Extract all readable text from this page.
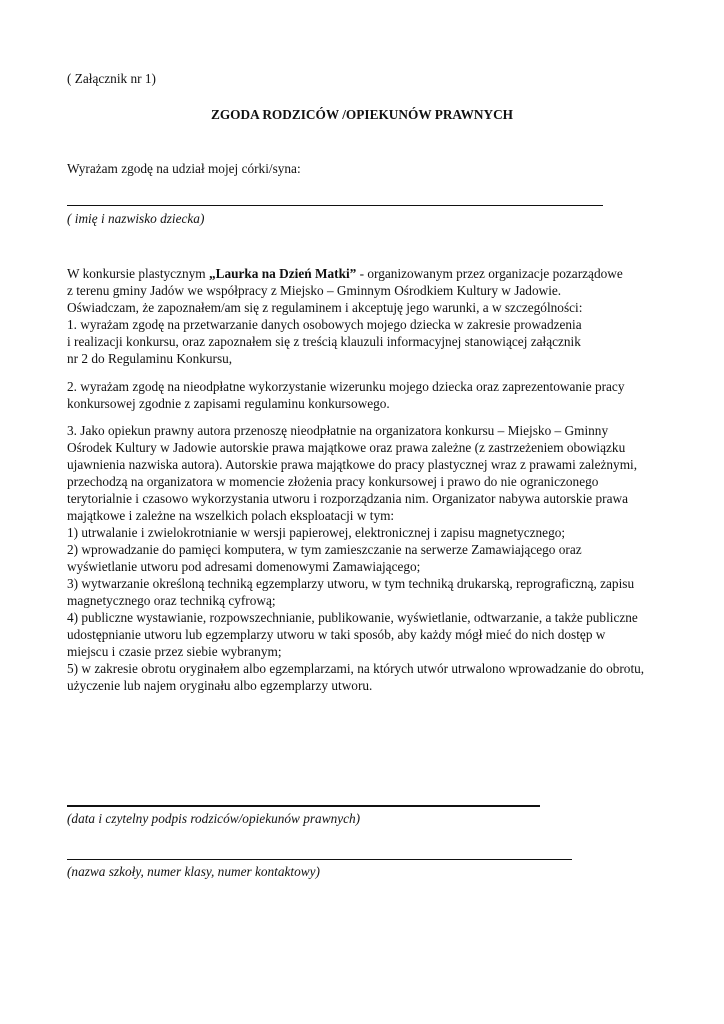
( Załącznik nr 1)
ZGODA RODZICÓW /OPIEKUNÓW PRAWNYCH
Wyrażam zgodę na udział mojej córki/syna:
( imię i nazwisko dziecka)
W konkursie plastycznym „Laurka na Dzień Matki” - organizowanym przez organizacje pozarządowe
z terenu gminy Jadów we współpracy z Miejsko – Gminnym Ośrodkiem Kultury w Jadowie.
Oświadczam, że zapoznałem/am się z regulaminem i akceptuję jego warunki, a w szczególności:
1. wyrażam zgodę na przetwarzanie danych osobowych mojego dziecka w zakresie prowadzenia
i realizacji konkursu, oraz zapoznałem się z treścią klauzuli informacyjnej stanowiącej załącznik
nr 2 do Regulaminu Konkursu,
2. wyrażam zgodę na nieodpłatne wykorzystanie wizerunku mojego dziecka oraz zaprezentowanie pracy
konkursowej zgodnie z zapisami regulaminu konkursowego.
3. Jako opiekun prawny autora przenoszę nieodpłatnie na organizatora konkursu – Miejsko – Gminny
Ośrodek Kultury w Jadowie autorskie prawa majątkowe oraz prawa zależne (z zastrzeżeniem obowiązku
ujawnienia nazwiska autora). Autorskie prawa majątkowe do pracy plastycznej wraz z prawami zależnymi,
przechodzą na organizatora w momencie złożenia pracy konkursowej i prawo do nie ograniczonego
terytorialnie i czasowo wykorzystania utworu i rozporządzania nim. Organizator nabywa autorskie prawa
majątkowe i zależne na wszelkich polach eksploatacji w tym:
1) utrwalanie i zwielokrotnianie w wersji papierowej, elektronicznej i zapisu magnetycznego;
2) wprowadzanie do pamięci komputera, w tym zamieszczanie na serwerze Zamawiającego oraz
wyświetlanie utworu pod adresami domenowymi Zamawiającego;
3) wytwarzanie określoną techniką egzemplarzy utworu, w tym techniką drukarską, reprograficzną, zapisu
magnetycznego oraz techniką cyfrową;
4) publiczne wystawianie, rozpowszechnianie, publikowanie, wyświetlanie, odtwarzanie, a także publiczne
udostępnianie utworu lub egzemplarzy utworu w taki sposób, aby każdy mógł mieć do nich dostęp w
miejscu i czasie przez siebie wybranym;
5) w zakresie obrotu oryginałem albo egzemplarzami, na których utwór utrwalono wprowadzanie do obrotu,
użyczenie lub najem oryginału albo egzemplarzy utworu.
(data i czytelny podpis rodziców/opiekunów prawnych)
(nazwa szkoły, numer klasy, numer kontaktowy)
